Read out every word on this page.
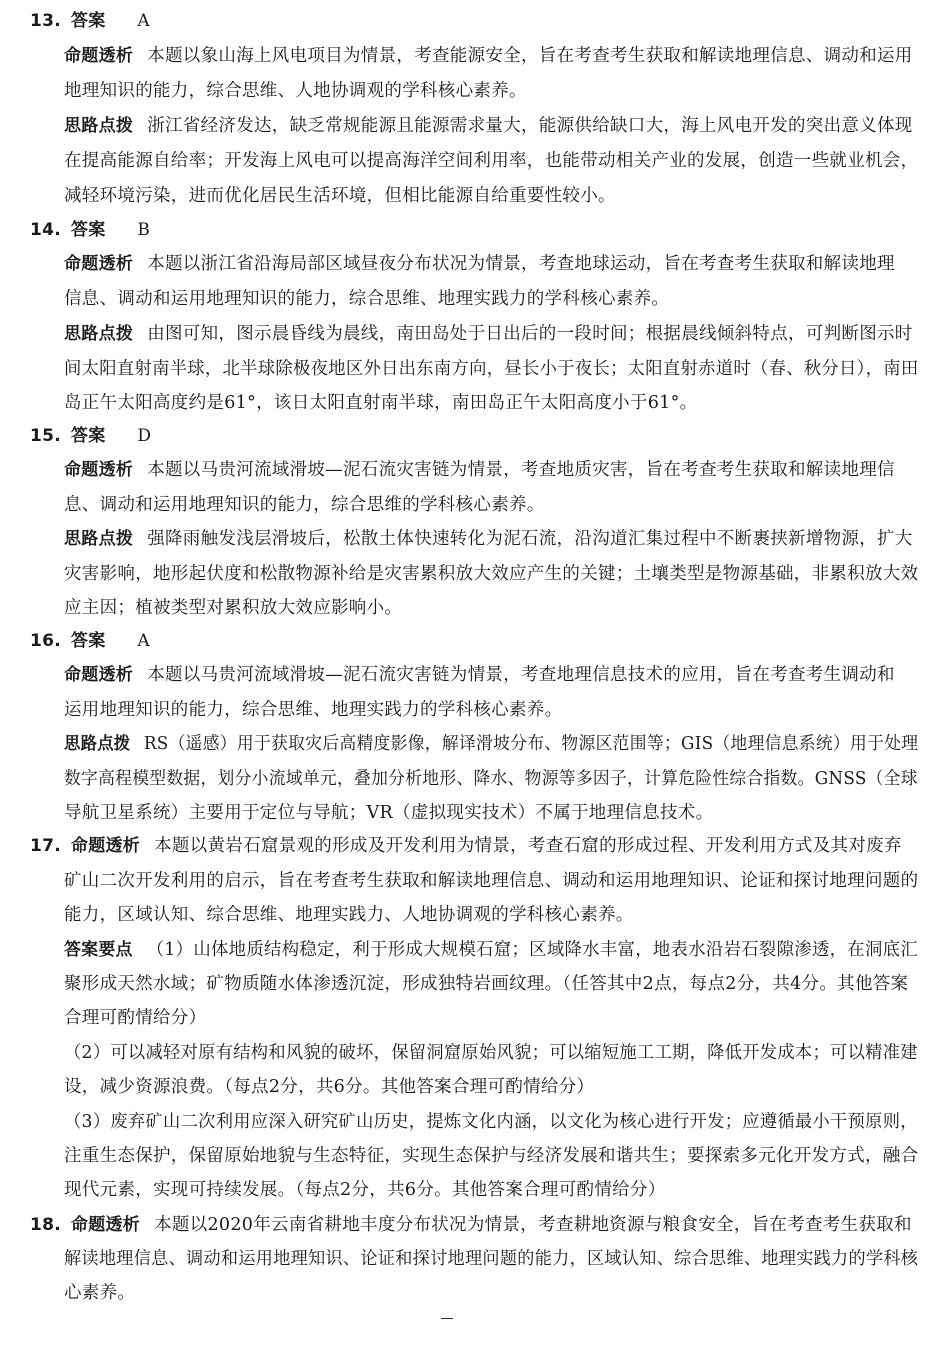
13. 答案 A
命题透析 本题以象山海上风电项目为情景，考查能源安全，旨在考查考生获取和解读地理信息、调动和运用
地理知识的能力，综合思维、人地协调观的学科核心素养。
思路点拨 浙江省经济发达，缺乏常规能源且能源需求量大，能源供给缺口大，海上风电开发的突出意义体现
在提高能源自给率；开发海上风电可以提高海洋空间利用率，也能带动相关产业的发展，创造一些就业机会，
减轻环境污染，进而优化居民生活环境，但相比能源自给重要性较小。
14. 答案 B
命题透析 本题以浙江省沿海局部区域昼夜分布状况为情景，考查地球运动，旨在考查考生获取和解读地理
信息、调动和运用地理知识的能力，综合思维、地理实践力的学科核心素养。
思路点拨 由图可知，图示晨昏线为晨线，南田岛处于日出后的一段时间；根据晨线倾斜特点，可判断图示时
间太阳直射南半球，北半球除极夜地区外日出东南方向，昼长小于夜长；太阳直射赤道时（春、秋分日），南田
岛正午太阳高度约是61°，该日太阳直射南半球，南田岛正午太阳高度小于61°。
15. 答案 D
命题透析 本题以马贵河流域滑坡—泥石流灾害链为情景，考查地质灾害，旨在考查考生获取和解读地理信
息、调动和运用地理知识的能力，综合思维的学科核心素养。
思路点拨 强降雨触发浅层滑坡后，松散土体快速转化为泥石流，沿沟道汇集过程中不断裹挟新增物源，扩大
灾害影响，地形起伏度和松散物源补给是灾害累积放大效应产生的关键；土壤类型是物源基础，非累积放大效
应主因；植被类型对累积放大效应影响小。
16. 答案 A
命题透析 本题以马贵河流域滑坡—泥石流灾害链为情景，考查地理信息技术的应用，旨在考查考生调动和
运用地理知识的能力，综合思维、地理实践力的学科核心素养。
思路点拨 RS（遥感）用于获取灾后高精度影像，解译滑坡分布、物源区范围等；GIS（地理信息系统）用于处理
数字高程模型数据，划分小流域单元，叠加分析地形、降水、物源等多因子，计算危险性综合指数。GNSS（全球
导航卫星系统）主要用于定位与导航；VR（虚拟现实技术）不属于地理信息技术。
17. 命题透析 本题以黄岩石窟景观的形成及开发利用为情景，考查石窟的形成过程、开发利用方式及其对废弃
矿山二次开发利用的启示，旨在考查考生获取和解读地理信息、调动和运用地理知识、论证和探讨地理问题的
能力，区域认知、综合思维、地理实践力、人地协调观的学科核心素养。
答案要点 （1）山体地质结构稳定，利于形成大规模石窟；区域降水丰富，地表水沿岩石裂隙渗透，在洞底汇
聚形成天然水域；矿物质随水体渗透沉淀，形成独特岩画纹理。（任答其中2点，每点2分，共4分。其他答案
合理可酌情给分）
（2）可以减轻对原有结构和风貌的破坏，保留洞窟原始风貌；可以缩短施工工期，降低开发成本；可以精准建
设，减少资源浪费。（每点2分，共6分。其他答案合理可酌情给分）
（3）废弃矿山二次利用应深入研究矿山历史，提炼文化内涵，以文化为核心进行开发；应遵循最小干预原则，
注重生态保护，保留原始地貌与生态特征，实现生态保护与经济发展和谐共生；要探索多元化开发方式，融合
现代元素，实现可持续发展。（每点2分，共6分。其他答案合理可酌情给分）
18. 命题透析 本题以2020年云南省耕地丰度分布状况为情景，考查耕地资源与粮食安全，旨在考查考生获取和
解读地理信息、调动和运用地理知识、论证和探讨地理问题的能力，区域认知、综合思维、地理实践力的学科核
心素养。
